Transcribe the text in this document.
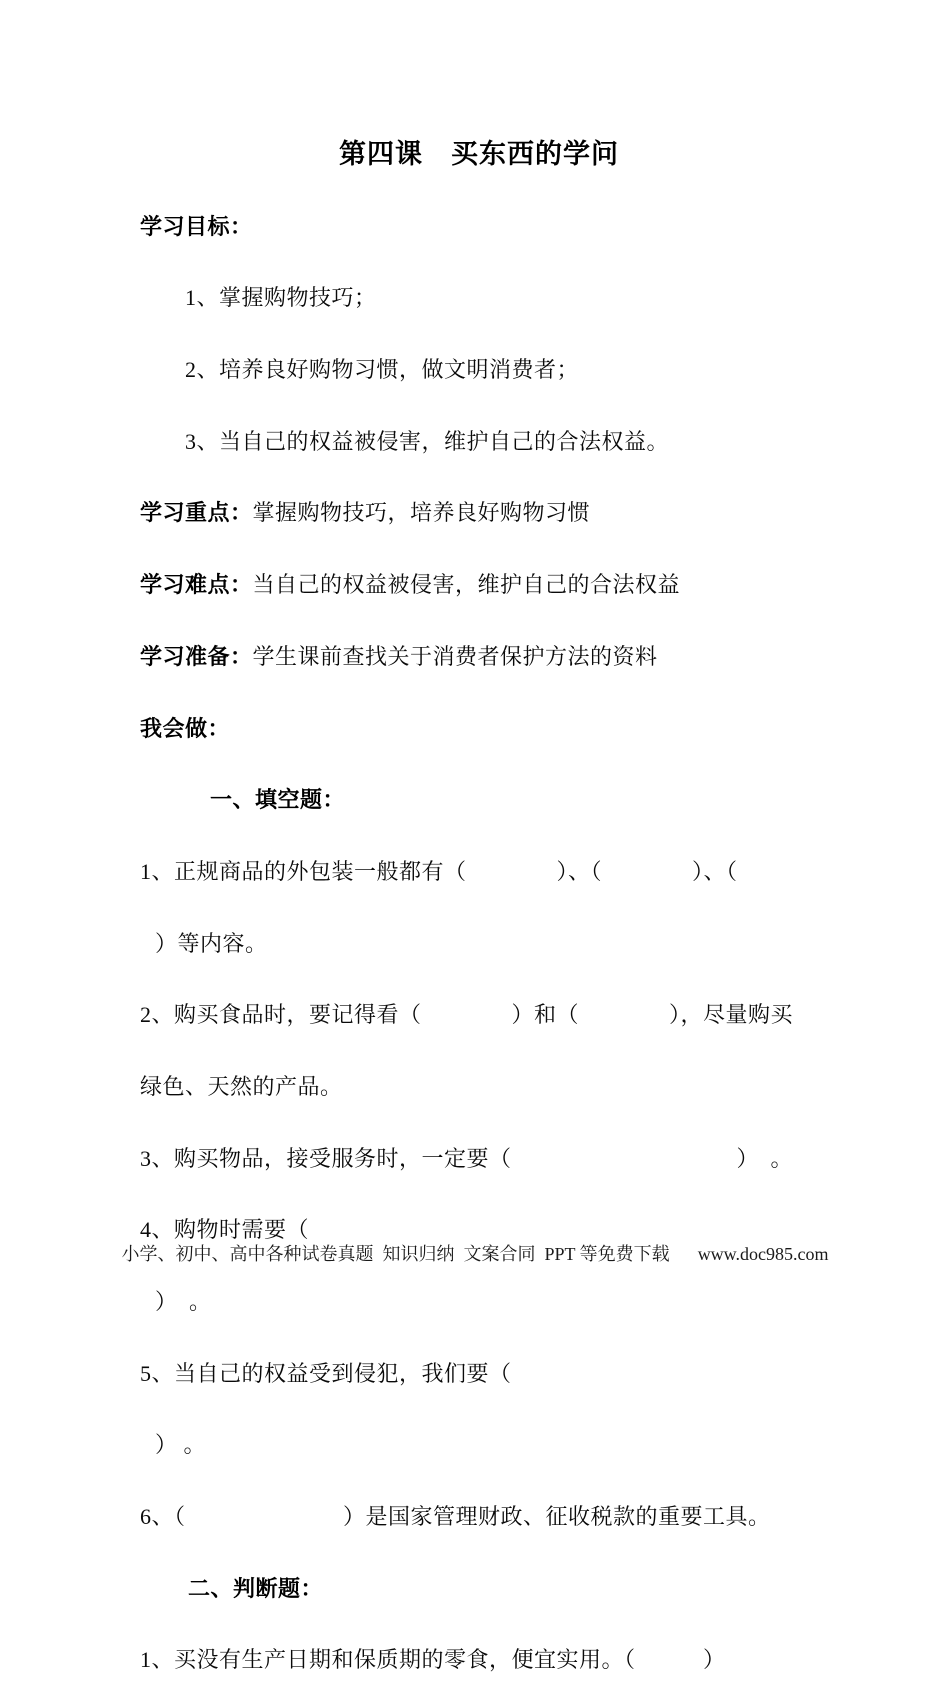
第四课　买东西的学问

学习目标：

1、掌握购物技巧；

2、培养良好购物习惯，做文明消费者；

3、当自己的权益被侵害，维护自己的合法权益。

学习重点：掌握购物技巧，培养良好购物习惯

学习难点：当自己的权益被侵害，维护自己的合法权益

学习准备：学生课前查找关于消费者保护方法的资料

我会做：

一、填空题：

1、正规商品的外包装一般都有（　　　　）、（　　　　）、（

）等内容。

2、购买食品时，要记得看（　　　　）和（　　　　），尽量购买

绿色、天然的产品。

3、购买物品，接受服务时，一定要（　　　　　　　　　　）　。

4、购物时需要（

）　。

5、当自己的权益受到侵犯，我们要（

） 。

6、（　　　　　　　）是国家管理财政、征收税款的重要工具。

二、判断题：

1、买没有生产日期和保质期的零食，便宜实用。（　　　）

小学、初中、高中各种试卷真题  知识归纳  文案合同  PPT 等免费下载 www.doc985.com
